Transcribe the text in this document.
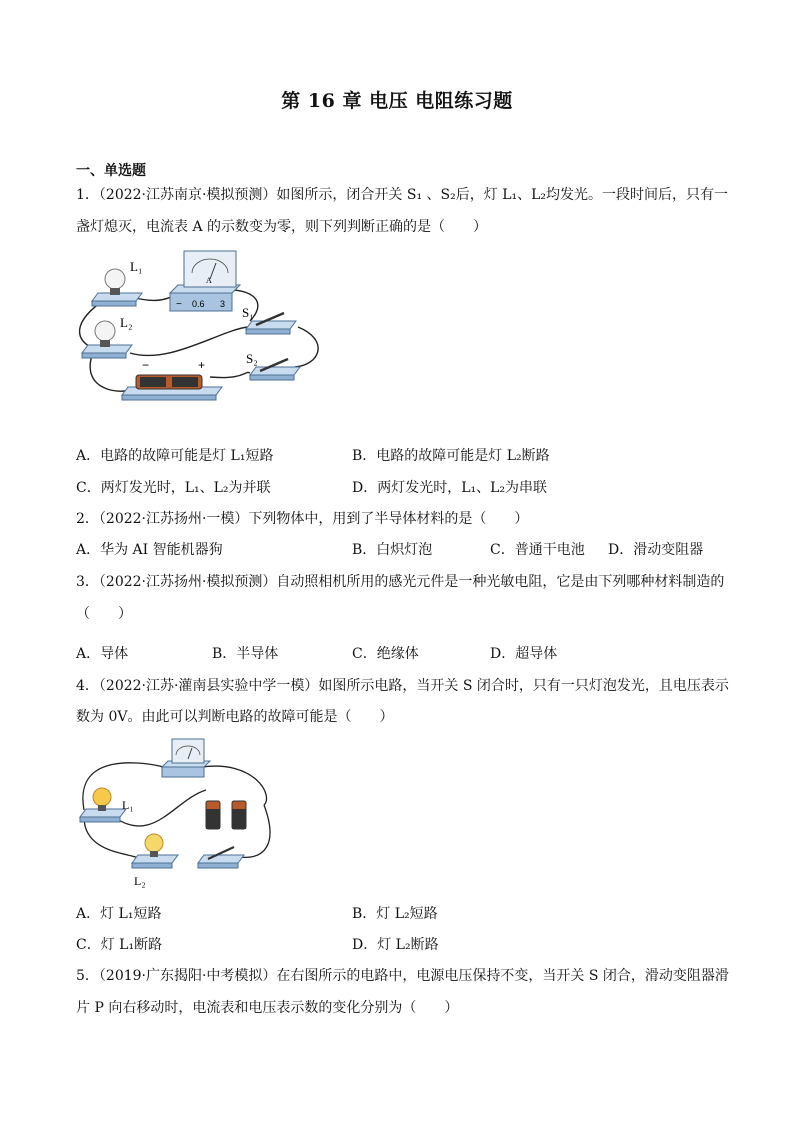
第 16 章 电压 电阻练习题
一、单选题
1．（2022·江苏南京·模拟预测）如图所示，闭合开关 S₁ 、S₂后，灯 L₁、L₂均发光。一段时间后，只有一
盏灯熄灭，电流表 A 的示数变为零，则下列判断正确的是（　　）
L₁
L₂
A
− 0.6 3
S₁
S₂
−	+
A．电路的故障可能是灯 L₁短路	B．电路的故障可能是灯 L₂断路
C．两灯发光时，L₁、L₂为并联	D．两灯发光时，L₁、L₂为串联
2．（2022·江苏扬州·一模）下列物体中，用到了半导体材料的是（　　）
A．华为 AI 智能机器狗	B．白炽灯泡	C．普通干电池 D．滑动变阻器
3．（2022·江苏扬州·模拟预测）自动照相机所用的感光元件是一种光敏电阻，它是由下列哪种材料制造的
（　　）
A．导体	B．半导体	C．绝缘体	D．超导体
4．（2022·江苏·灌南县实验中学一模）如图所示电路，当开关 S 闭合时，只有一只灯泡发光，且电压表示
数为 0V。由此可以判断电路的故障可能是（　　）
L₁
L₂
A．灯 L₁短路	B．灯 L₂短路
C．灯 L₁断路	D．灯 L₂断路
5．（2019·广东揭阳·中考模拟）在右图所示的电路中，电源电压保持不变，当开关 S 闭合，滑动变阻器滑
片 P 向右移动时，电流表和电压表示数的变化分别为（　　）
